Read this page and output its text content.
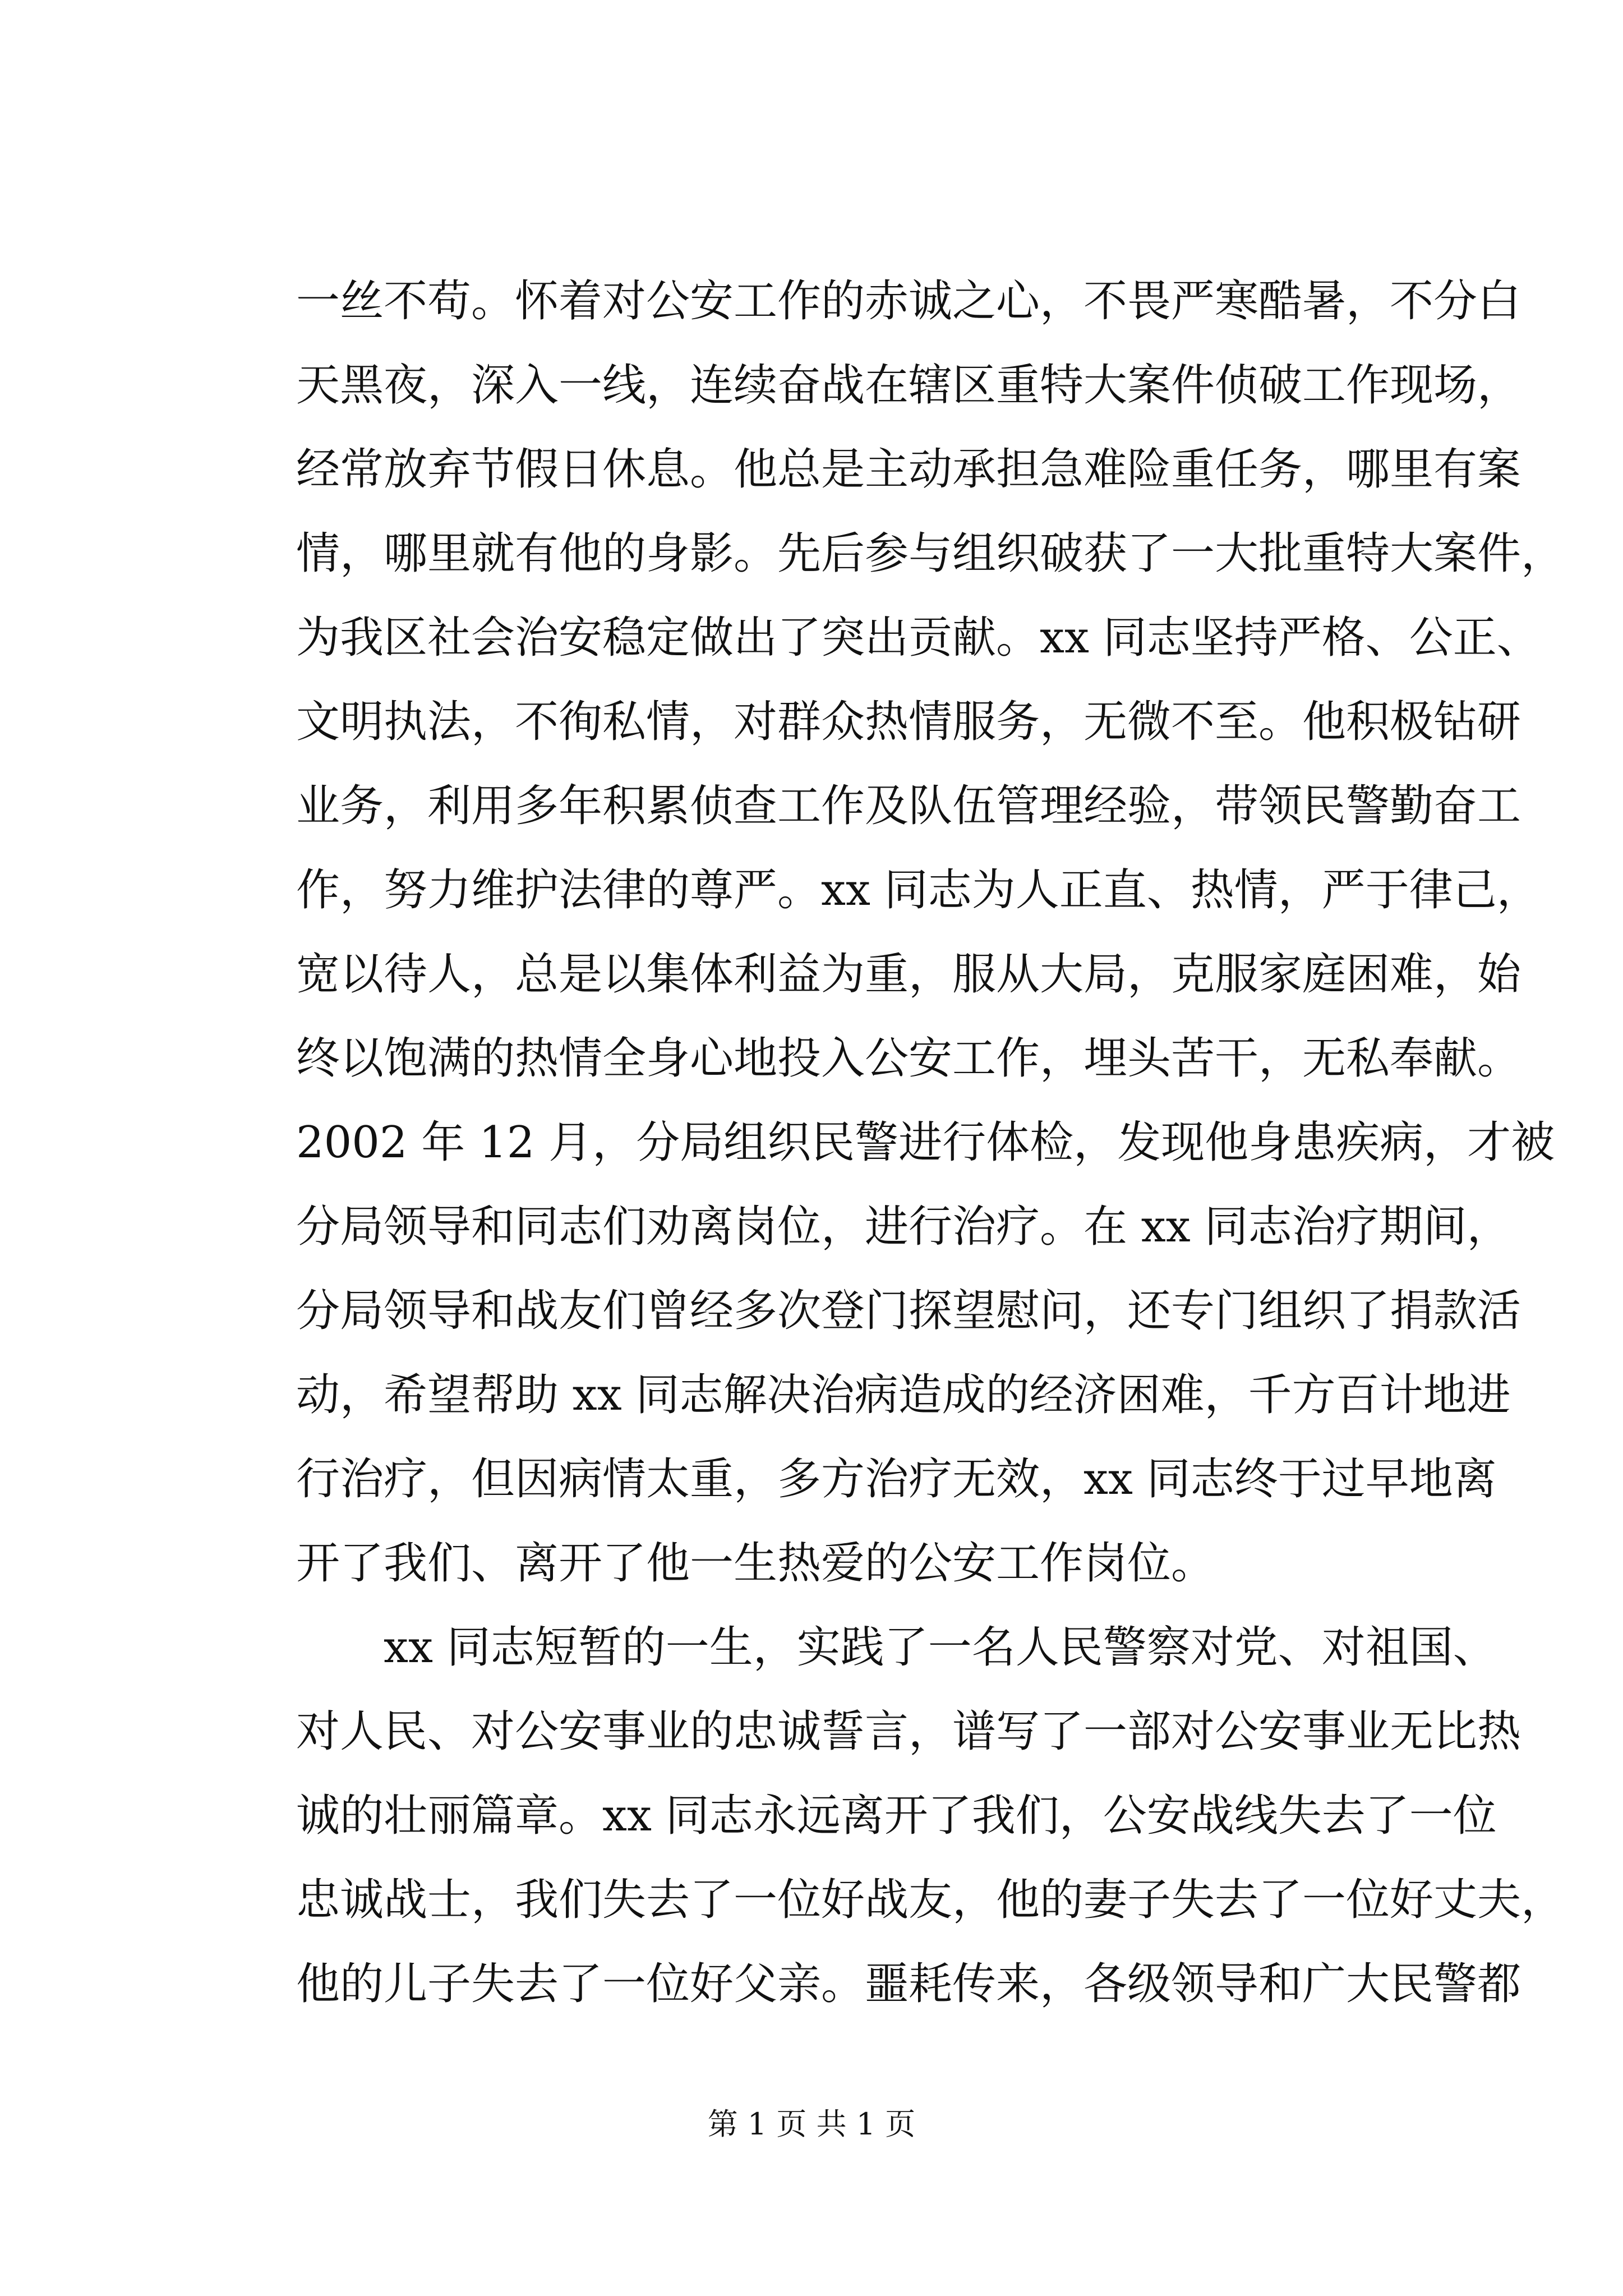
一丝不苟。怀着对公安工作的赤诚之心，不畏严寒酷暑，不分白
天黑夜，深入一线，连续奋战在辖区重特大案件侦破工作现场，
经常放弃节假日休息。他总是主动承担急难险重任务，哪里有案
情，哪里就有他的身影。先后参与组织破获了一大批重特大案件，
为我区社会治安稳定做出了突出贡献。xx 同志坚持严格、公正、
文明执法，不徇私情，对群众热情服务，无微不至。他积极钻研
业务，利用多年积累侦查工作及队伍管理经验，带领民警勤奋工
作，努力维护法律的尊严。xx 同志为人正直、热情，严于律己，
宽以待人，总是以集体利益为重，服从大局，克服家庭困难，始
终以饱满的热情全身心地投入公安工作，埋头苦干，无私奉献。
2002 年 12 月，分局组织民警进行体检，发现他身患疾病，才被
分局领导和同志们劝离岗位，进行治疗。在 xx 同志治疗期间，
分局领导和战友们曾经多次登门探望慰问，还专门组织了捐款活
动，希望帮助 xx 同志解决治病造成的经济困难，千方百计地进
行治疗，但因病情太重，多方治疗无效，xx 同志终于过早地离
开了我们、离开了他一生热爱的公安工作岗位。
xx 同志短暂的一生，实践了一名人民警察对党、对祖国、
对人民、对公安事业的忠诚誓言，谱写了一部对公安事业无比热
诚的壮丽篇章。xx 同志永远离开了我们，公安战线失去了一位
忠诚战士，我们失去了一位好战友，他的妻子失去了一位好丈夫，
他的儿子失去了一位好父亲。噩耗传来，各级领导和广大民警都
第 1 页 共 1 页
